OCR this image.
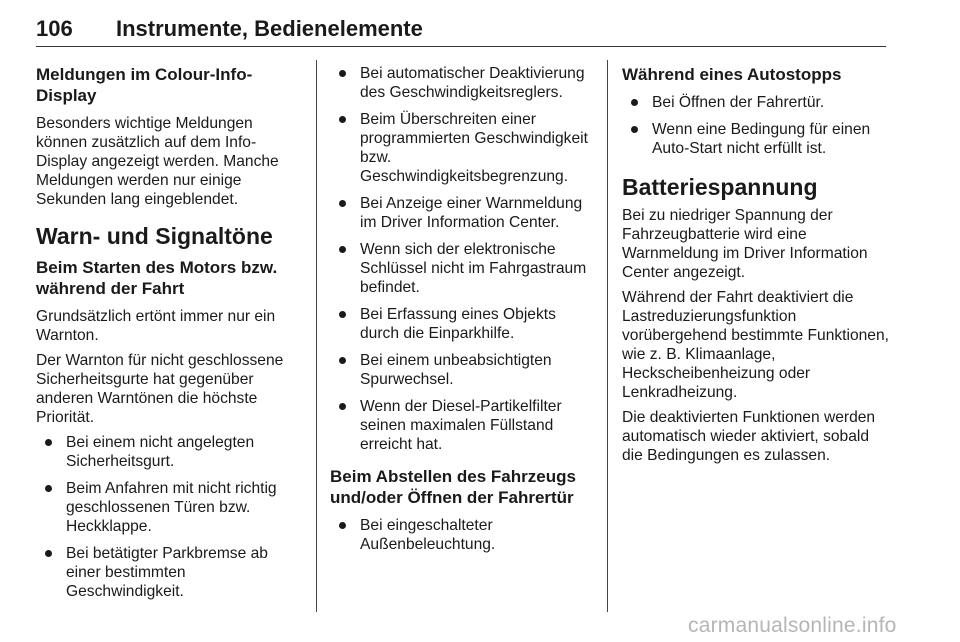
106 Instrumente, Bedienelemente
Meldungen im Colour-Info-Display

Besonders wichtige Meldungen können zusätzlich auf dem Info-Display angezeigt werden. Manche Meldungen werden nur einige Sekunden lang eingeblendet.

Warn- und Signaltöne
Beim Starten des Motors bzw. während der Fahrt

Grundsätzlich ertönt immer nur ein Warnton.

Der Warnton für nicht geschlossene Sicherheitsgurte hat gegenüber anderen Warntönen die höchste Priorität.

Bei einem nicht angelegten Sicherheitsgurt.
Beim Anfahren mit nicht richtig geschlossenen Türen bzw. Heckklappe.
Bei betätigter Parkbremse ab einer bestimmten Geschwindigkeit.
Bei automatischer Deaktivierung des Geschwindigkeitsreglers.
Beim Überschreiten einer programmierten Geschwindigkeit bzw. Geschwindigkeitsbegrenzung.
Bei Anzeige einer Warnmeldung im Driver Information Center.
Wenn sich der elektronische Schlüssel nicht im Fahrgastraum befindet.
Bei Erfassung eines Objekts durch die Einparkhilfe.
Bei einem unbeabsichtigten Spurwechsel.
Wenn der Diesel-Partikelfilter seinen maximalen Füllstand erreicht hat.
Beim Abstellen des Fahrzeugs und/oder Öffnen der Fahrertür
Bei eingeschalteter Außenbeleuchtung.
Während eines Autostopps
Bei Öffnen der Fahrertür.
Wenn eine Bedingung für einen Auto-Start nicht erfüllt ist.
Batteriespannung

Bei zu niedriger Spannung der Fahrzeugbatterie wird eine Warnmeldung im Driver Information Center angezeigt.

Während der Fahrt deaktiviert die Lastreduzierungsfunktion vorübergehend bestimmte Funktionen, wie z. B. Klimaanlage, Heckscheibenheizung oder Lenkradheizung.

Die deaktivierten Funktionen werden automatisch wieder aktiviert, sobald die Bedingungen es zulassen.

carmanualsonline.info
